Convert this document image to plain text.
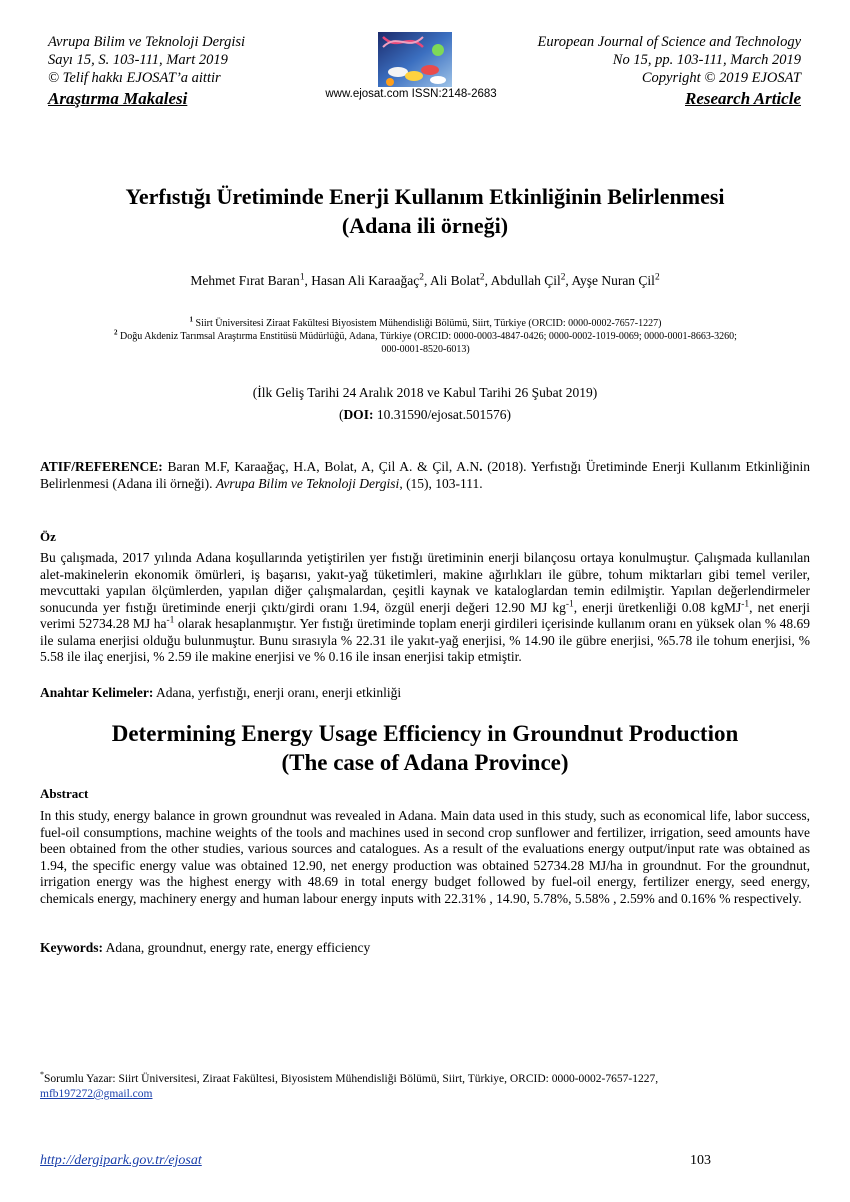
Avrupa Bilim ve Teknoloji Dergisi
Sayı 15, S. 103-111, Mart 2019
© Telif hakkı EJOSAT’a aittir
Araştırma Makalesi
European Journal of Science and Technology
No 15, pp. 103-111, March 2019
Copyright © 2019 EJOSAT
Research Article
www.ejosat.com ISSN:2148-2683
Yerfıstığı Üretiminde Enerji Kullanım Etkinliğinin Belirlenmesi
(Adana ili örneği)
Mehmet Fırat Baran$^1$, Hasan Ali Karaağaç$^2$, Ali Bolat$^2$, Abdullah Çil$^2$, Ayşe Nuran Çil$^2$
$^1$ Siirt Üniversitesi Ziraat Fakültesi Biyosistem Mühendisliği Bölümü, Siirt, Türkiye (ORCID: 0000-0002-7657-1227)
$^2$ Doğu Akdeniz Tarımsal Araştırma Enstitüsü Müdürlüğü, Adana, Türkiye (ORCID: 0000-0003-4847-0426; 0000-0002-1019-0069; 0000-0001-8663-3260;
000-0001-8520-6013)
(İlk Geliş Tarihi 24 Aralık 2018 ve Kabul Tarihi 26 Şubat 2019)
(DOI: 10.31590/ejosat.501576)
ATIF/REFERENCE: Baran M.F, Karaağaç, H.A, Bolat, A, Çil A. & Çil, A.N. (2018). Yerfıstığı Üretiminde Enerji Kullanım Etkinliğinin Belirlenmesi (Adana ili örneği). Avrupa Bilim ve Teknoloji Dergisi, (15), 103-111.
Öz
Bu çalışmada, 2017 yılında Adana koşullarında yetiştirilen yer fıstığı üretiminin enerji bilançosu ortaya konulmuştur. Çalışmada kullanılan alet-makinelerin ekonomik ömürleri, iş başarısı, yakıt-yağ tüketimleri, makine ağırlıkları ile gübre, tohum miktarları gibi temel veriler, mevcuttaki yapılan ölçümlerden, yapılan diğer çalışmalardan, çeşitli kaynak ve kataloglardan temin edilmiştir. Yapılan değerlendirmeler sonucunda yer fıstığı üretiminde enerji çıktı/girdi oranı 1.94, özgül enerji değeri 12.90 MJ $kg^{-1}$, enerji üretkenliği 0.08 kgMJ$^{-1}$, net enerji verimi 52734.28 MJ $ha^{-1}$ olarak hesaplanmıştır. Yer fıstığı üretiminde toplam enerji girdileri içerisinde kullanım oranı en yüksek olan % 48.69 ile sulama enerjisi olduğu bulunmuştur. Bunu sırasıyla % 22.31 ile yakıt-yağ enerjisi, % 14.90 ile gübre enerjisi, %5.78 ile tohum enerjisi, % 5.58 ile ilaç enerjisi, % 2.59 ile makine enerjisi ve % 0.16 ile insan enerjisi takip etmiştir.
Anahtar Kelimeler: Adana, yerfıstığı, enerji oranı, enerji etkinliği
Determining Energy Usage Efficiency in Groundnut Production
(The case of Adana Province)
Abstract
In this study, energy balance in grown groundnut was revealed in Adana. Main data used in this study, such as economical life, labor success, fuel-oil consumptions, machine weights of the tools and machines used in second crop sunflower and fertilizer, irrigation, seed amounts have been obtained from the other studies, various sources and catalogues. As a result of the evaluations energy output/input rate was obtained as 1.94, the specific energy value was obtained 12.90, net energy production was obtained 52734.28 MJ/ha in groundnut. For the groundnut, irrigation energy was the highest energy with 48.69 in total energy budget followed by fuel-oil energy, fertilizer energy, seed energy, chemicals energy, machinery energy and human labour energy inputs with 22.31% , 14.90, 5.78%, 5.58% , 2.59% and 0.16% % respectively.
Keywords: Adana, groundnut, energy rate, energy efficiency
*Sorumlu Yazar: Siirt Üniversitesi, Ziraat Fakültesi, Biyosistem Mühendisliği Bölümü, Siirt, Türkiye, ORCID: 0000-0002-7657-1227,
mfb197272@gmail.com
http://dergipark.gov.tr/ejosat	103
